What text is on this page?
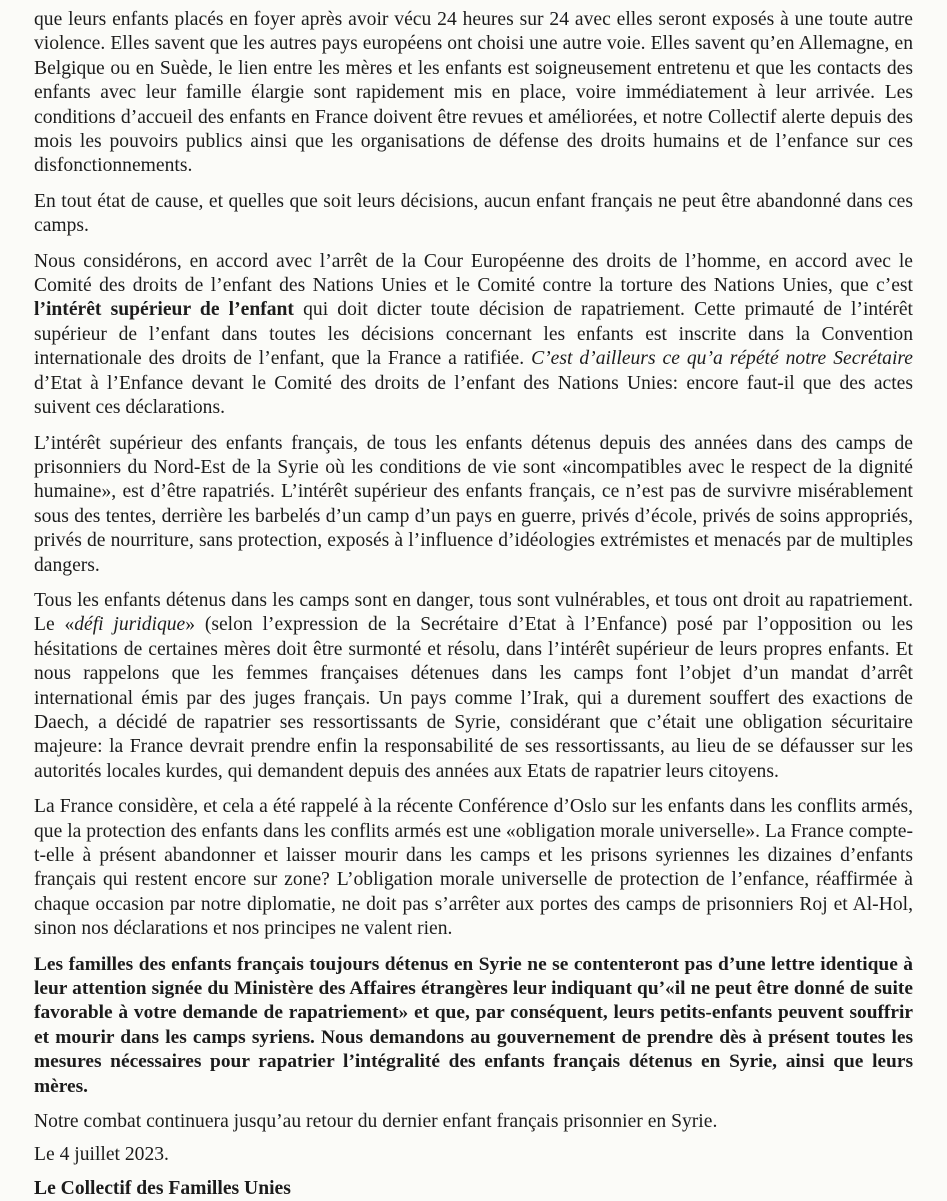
que leurs enfants placés en foyer après avoir vécu 24 heures sur 24 avec elles seront exposés à une toute autre violence. Elles savent que les autres pays européens ont choisi une autre voie. Elles savent qu’en Allemagne, en Belgique ou en Suède, le lien entre les mères et les enfants est soigneusement entretenu et que les contacts des enfants avec leur famille élargie sont rapidement mis en place, voire immédiatement à leur arrivée. Les conditions d’accueil des enfants en France doivent être revues et améliorées, et notre Collectif alerte depuis des mois les pouvoirs publics ainsi que les organisations de défense des droits humains et de l’enfance sur ces disfonctionnements.

En tout état de cause, et quelles que soit leurs décisions, aucun enfant français ne peut être abandonné dans ces camps.

Nous considérons, en accord avec l’arrêt de la Cour Européenne des droits de l’homme, en accord avec le Comité des droits de l’enfant des Nations Unies et le Comité contre la torture des Nations Unies, que c’est l’intérêt supérieur de l’enfant qui doit dicter toute décision de rapatriement. Cette primauté de l’intérêt supérieur de l’enfant dans toutes les décisions concernant les enfants est inscrite dans la Convention internationale des droits de l’enfant, que la France a ratifiée. C’est d’ailleurs ce qu’a répété notre Secrétaire d’Etat à l’Enfance devant le Comité des droits de l’enfant des Nations Unies: encore faut-il que des actes suivent ces déclarations.

L’intérêt supérieur des enfants français, de tous les enfants détenus depuis des années dans des camps de prisonniers du Nord-Est de la Syrie où les conditions de vie sont «incompatibles avec le respect de la dignité humaine», est d’être rapatriés. L’intérêt supérieur des enfants français, ce n’est pas de survivre misérablement sous des tentes, derrière les barbelés d’un camp d’un pays en guerre, privés d’école, privés de soins appropriés, privés de nourriture, sans protection, exposés à l’influence d’idéologies extrémistes et menacés par de multiples dangers.

Tous les enfants détenus dans les camps sont en danger, tous sont vulnérables, et tous ont droit au rapatriement. Le «défi juridique» (selon l’expression de la Secrétaire d’Etat à l’Enfance) posé par l’opposition ou les hésitations de certaines mères doit être surmonté et résolu, dans l’intérêt supérieur de leurs propres enfants. Et nous rappelons que les femmes françaises détenues dans les camps font l’objet d’un mandat d’arrêt international émis par des juges français. Un pays comme l’Irak, qui a durement souffert des exactions de Daech, a décidé de rapatrier ses ressortissants de Syrie, considérant que c’était une obligation sécuritaire majeure: la France devrait prendre enfin la responsabilité de ses ressortissants, au lieu de se défausser sur les autorités locales kurdes, qui demandent depuis des années aux Etats de rapatrier leurs citoyens.

La France considère, et cela a été rappelé à la récente Conférence d’Oslo sur les enfants dans les conflits armés, que la protection des enfants dans les conflits armés est une «obligation morale universelle». La France compte-t-elle à présent abandonner et laisser mourir dans les camps et les prisons syriennes les dizaines d’enfants français qui restent encore sur zone? L’obligation morale universelle de protection de l’enfance, réaffirmée à chaque occasion par notre diplomatie, ne doit pas s’arrêter aux portes des camps de prisonniers Roj et Al-Hol, sinon nos déclarations et nos principes ne valent rien.

Les familles des enfants français toujours détenus en Syrie ne se contenteront pas d’une lettre identique à leur attention signée du Ministère des Affaires étrangères leur indiquant qu’«il ne peut être donné de suite favorable à votre demande de rapatriement» et que, par conséquent, leurs petits-enfants peuvent souffrir et mourir dans les camps syriens. Nous demandons au gouvernement de prendre dès à présent toutes les mesures nécessaires pour rapatrier l’intégralité des enfants français détenus en Syrie, ainsi que leurs mères.

Notre combat continuera jusqu’au retour du dernier enfant français prisonnier en Syrie.

Le 4 juillet 2023.

Le Collectif des Familles Unies
